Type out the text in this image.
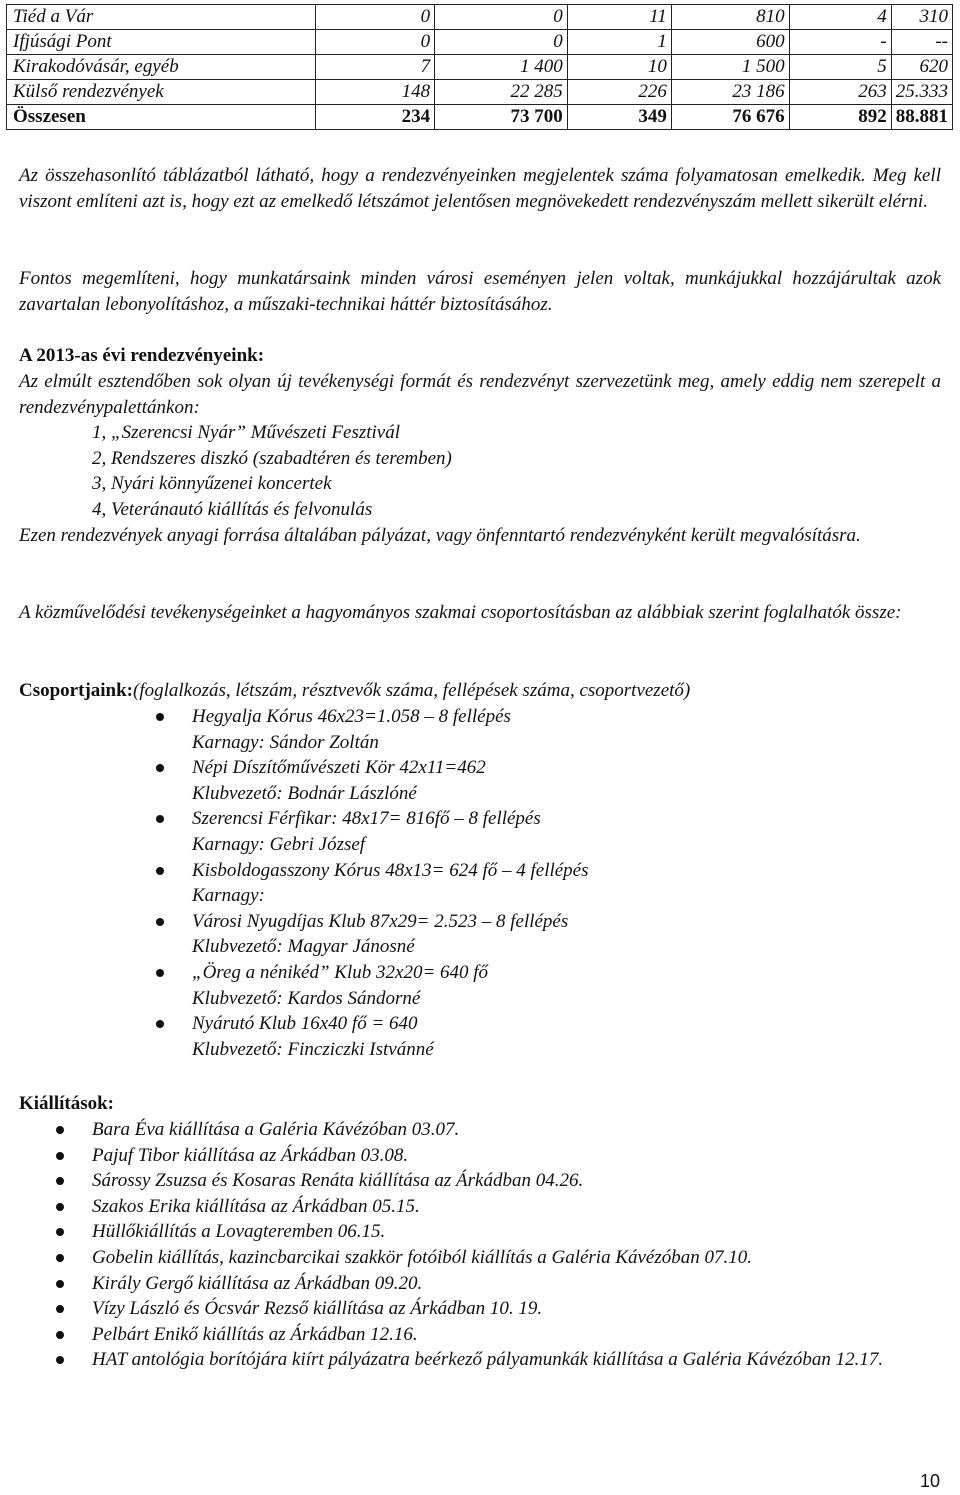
Tiéd a Vár	0	0	11	810	4	310
Ifjúsági Pont	0	0	1	600	-	--
Kirakodóvásár, egyéb	7	1 400	10	1 500	5	620
Külső rendezvények	148	22 285	226	23 186	263	25.333
Összesen	234	73 700	349	76 676	892	88.881

Az összehasonlító táblázatból látható, hogy a rendezvényeinken megjelentek száma folyamatosan emelkedik. Meg kell viszont említeni azt is, hogy ezt az emelkedő létszámot jelentősen megnövekedett rendezvényszám mellett sikerült elérni.

Fontos megemlíteni, hogy munkatársaink minden városi eseményen jelen voltak, munkájukkal hozzájárultak azok zavartalan lebonyolításhoz, a műszaki-technikai háttér biztosításához.

A 2013-as évi rendezvényeink:

Az elmúlt esztendőben sok olyan új tevékenységi formát és rendezvényt szervezetünk meg, amely eddig nem szerepelt a rendezvénypalettánkon:

1, „Szerencsi Nyár” Művészeti Fesztivál
2, Rendszeres diszkó (szabadtéren és teremben)
3, Nyári könnyűzenei koncertek
4, Veteránautó kiállítás és felvonulás

Ezen rendezvények anyagi forrása általában pályázat, vagy önfenntartó rendezvényként került megvalósításra.

A közművelődési tevékenységeinket a hagyományos szakmai csoportosításban az alábbiak szerint foglalhatók össze:

Csoportjaink:(foglalkozás, létszám, résztvevők száma, fellépések száma, csoportvezető)

Hegyalja Kórus 46x23=1.058 – 8 fellépés
Karnagy: Sándor Zoltán
Népi Díszítőművészeti Kör 42x11=462
Klubvezető: Bodnár Lászlóné
Szerencsi Férfikar: 48x17= 816fő – 8 fellépés
Karnagy: Gebri József
Kisboldogasszony Kórus 48x13= 624 fő – 4 fellépés
Karnagy:
Városi Nyugdíjas Klub 87x29= 2.523 – 8 fellépés
Klubvezető: Magyar Jánosné
„Öreg a nénikéd” Klub 32x20= 640 fő
Klubvezető: Kardos Sándorné
Nyárutó Klub 16x40 fő = 640
Klubvezető: Fincziczki Istvánné

Kiállítások:

Bara Éva kiállítása a Galéria Kávézóban 03.07.
Pajuf Tibor kiállítása az Árkádban 03.08.
Sárossy Zsuzsa és Kosaras Renáta kiállítása az Árkádban 04.26.
Szakos Erika kiállítása az Árkádban 05.15.
Hüllőkiállítás a Lovagteremben 06.15.
Gobelin kiállítás, kazincbarcikai szakkör fotóiból kiállítás a Galéria Kávézóban 07.10.
Király Gergő kiállítása az Árkádban 09.20.
Vízy László és Ócsvár Rezső kiállítása az Árkádban 10. 19.
Pelbárt Enikő kiállítás az Árkádban 12.16.
HAT antológia borítójára kiírt pályázatra beérkező pályamunkák kiállítása a Galéria Kávézóban 12.17.
10
